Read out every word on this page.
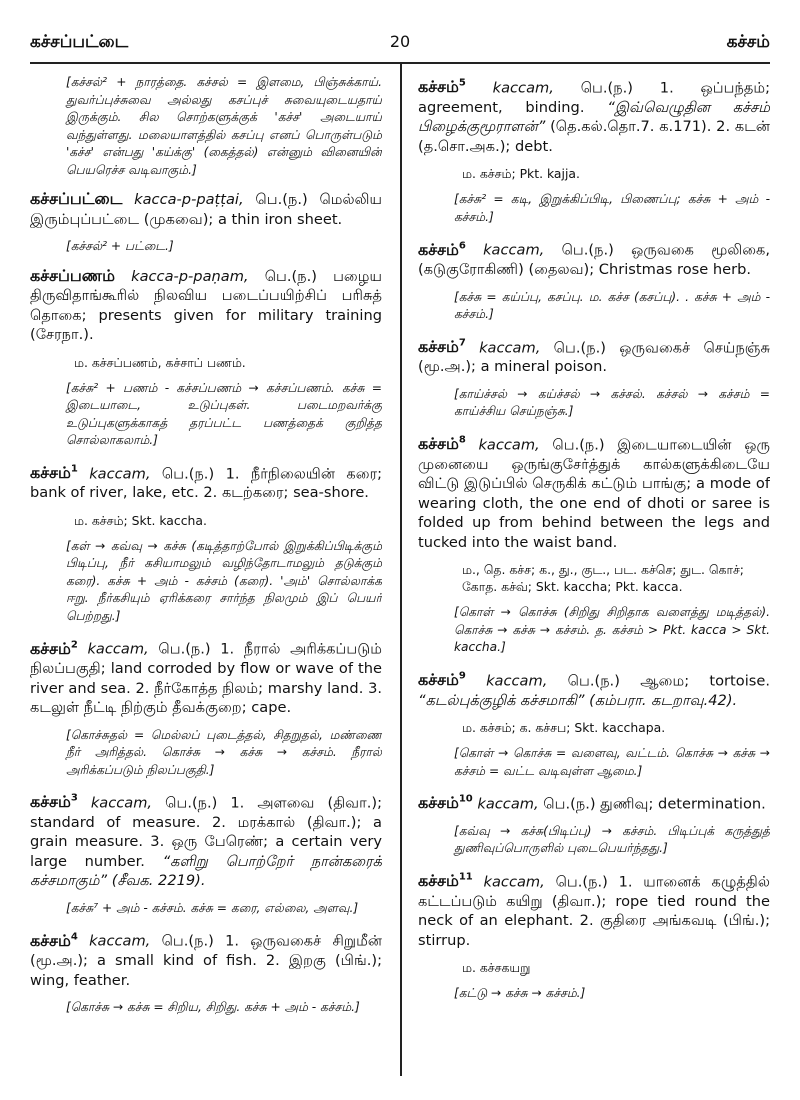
கச்சப்பட்டை	20	கச்சம்

[கச்சல்² + நாரத்தை. கச்சல் = இளமை, பிஞ்சுக்காய். துவர்ப்புச்சுவை அல்லது கசப்புச் சுவையுடையதாய் இருக்கும். சில சொற்களுக்குக் 'கச்ச' அடையாய் வந்துள்ளது. மலையாளத்தில் கசப்பு எனப் பொருள்படும் 'கச்ச' என்பது 'கய்க்கு' (கைத்தல்) என்னும் வினையின் பெயரெச்ச வடிவாகும்.]

கச்சப்பட்டை kacca-p-paṭṭai, பெ.(ந.) மெல்லிய இரும்புப்பட்டை (முகவை); a thin iron sheet.

[கச்சல்² + பட்டை.]

கச்சப்பணம் kacca-p-paṇam, பெ.(ந.) பழைய திருவிதாங்கூரில் நிலவிய படைப்பயிற்சிப் பரிசுத் தொகை; presents given for military training (சேரநா.).

ம. கச்சப்பணம், கச்சாப் பணம்.

[கச்சு² + பணம் - கச்சப்பணம் → கச்சப்பணம். கச்சு = இடையாடை, உடுப்புகள். படைமறவர்க்கு உடுப்புகளுக்காகத் தரப்பட்ட பணத்தைக் குறித்த சொல்லாகலாம்.]

கச்சம்$^1$ kaccam, பெ.(ந.) 1. நீர்நிலையின் கரை; bank of river, lake, etc. 2. கடற்கரை; sea-shore.

ம. கச்சம்; Skt. kaccha.

[கள் → கவ்வு → கச்சு (கடித்தாற்போல் இறுக்கிப்பிடிக்கும் பிடிப்பு, நீர் கசியாமலும் வழிந்தோடாமலும் தடுக்கும் கரை). கச்சு + அம் - கச்சம் (கரை). 'அம்' சொல்லாக்க ஈறு. நீர்கசியும் ஏரிக்கரை சார்ந்த நிலமும் இப் பெயர் பெற்றது.]

கச்சம்$^2$ kaccam, பெ.(ந.) 1. நீரால் அரிக்கப்படும் நிலப்பகுதி; land corroded by flow or wave of the river and sea. 2. நீர்கோத்த நிலம்; marshy land. 3. கடலுள் நீட்டி நிற்கும் தீவக்குறை; cape.

[கொச்சுதல் = மெல்லப் புடைத்தல், சிதறுதல், மண்ணை நீர் அரித்தல். கொச்சு → கச்சு → கச்சம். நீரால் அரிக்கப்படும் நிலப்பகுதி.]

கச்சம்$^3$ kaccam, பெ.(ந.) 1. அளவை (திவா.); standard of measure. 2. மரக்கால் (திவா.); a grain measure. 3. ஒரு பேரெண்; a certain very large number. “களிறு பொற்றேர் நான்கரைக் கச்சமாகும்” (சீவக. 2219).

[கச்சு⁷ + அம் - கச்சம். கச்சு = கரை, எல்லை, அளவு.]

கச்சம்$^4$ kaccam, பெ.(ந.) 1. ஒருவகைச் சிறுமீன் (மூ.அ.); a small kind of fish. 2. இறகு (பிங்.); wing, feather.

[கொச்சு → கச்சு = சிறிய, சிறிது. கச்சு + அம் - கச்சம்.]

கச்சம்$^5$ kaccam, பெ.(ந.) 1. ஒப்பந்தம்; agreement, binding. “இவ்வெழுதின கச்சம் பிழைக்குமூராளன்” (தெ.கல்.தொ.7. க.171). 2. கடன் (த.சொ.அக.); debt.

ம. கச்சம்; Pkt. kajja.

[கச்சு² = கடி, இறுக்கிப்பிடி, பிணைப்பு; கச்சு + அம் - கச்சம்.]

கச்சம்$^6$ kaccam, பெ.(ந.) ஒருவகை மூலிகை, (கடுகுரோகிணி) (தைலவ); Christmas rose herb.

[கச்சு = கய்ப்பு, கசப்பு. ம. கச்ச (கசப்பு). . கச்சு + அம் - கச்சம்.]

கச்சம்$^7$ kaccam, பெ.(ந.) ஒருவகைச் செய்நஞ்சு (மூ.அ.); a mineral poison.

[காய்ச்சல் → கய்ச்சல் → கச்சல். கச்சல் → கச்சம் = காய்ச்சிய செய்நஞ்சு.]

கச்சம்$^8$ kaccam, பெ.(ந.) இடையாடையின் ஒரு முனையை ஒருங்குசேர்த்துக் கால்களுக்கிடையே விட்டு இடுப்பில் செருகிக் கட்டும் பாங்கு; a mode of wearing cloth, the one end of dhoti or saree is folded up from behind between the legs and tucked into the waist band.

ம., தெ. கச்ச; க., து., குட., பட. கச்செ; துட. கொச்; கோத. கச்வ்; Skt. kaccha; Pkt. kacca.

[கொள் → கொச்சு (சிறிது சிறிதாக வளைத்து மடித்தல்). கொச்சு → கச்சு → கச்சம். த. கச்சம் > Pkt. kacca > Skt. kaccha.]

கச்சம்$^9$ kaccam, பெ.(ந.) ஆமை; tortoise. “கடல்புக்குழிக் கச்சமாகி” (கம்பரா. கடறாவு.42).

ம. கச்சம்; க. கச்சப; Skt. kacchapa.

[கொள் → கொச்சு = வளைவு, வட்டம். கொச்சு → கச்சு → கச்சம் = வட்ட வடிவுள்ள ஆமை.]

கச்சம்$^{10}$ kaccam, பெ.(ந.) துணிவு; determination.

[கவ்வு → கச்சு(பிடிப்பு) → கச்சம். பிடிப்புக் கருத்துத் துணிவுப்பொருளில் புடைபெயர்ந்தது.]

கச்சம்$^{11}$ kaccam, பெ.(ந.) 1. யானைக் கழுத்தில் கட்டப்படும் கயிறு (திவா.); rope tied round the neck of an elephant. 2. குதிரை அங்கவடி (பிங்.); stirrup.

ம. கச்சகயறு

[கட்டு → கச்சு → கச்சம்.]
